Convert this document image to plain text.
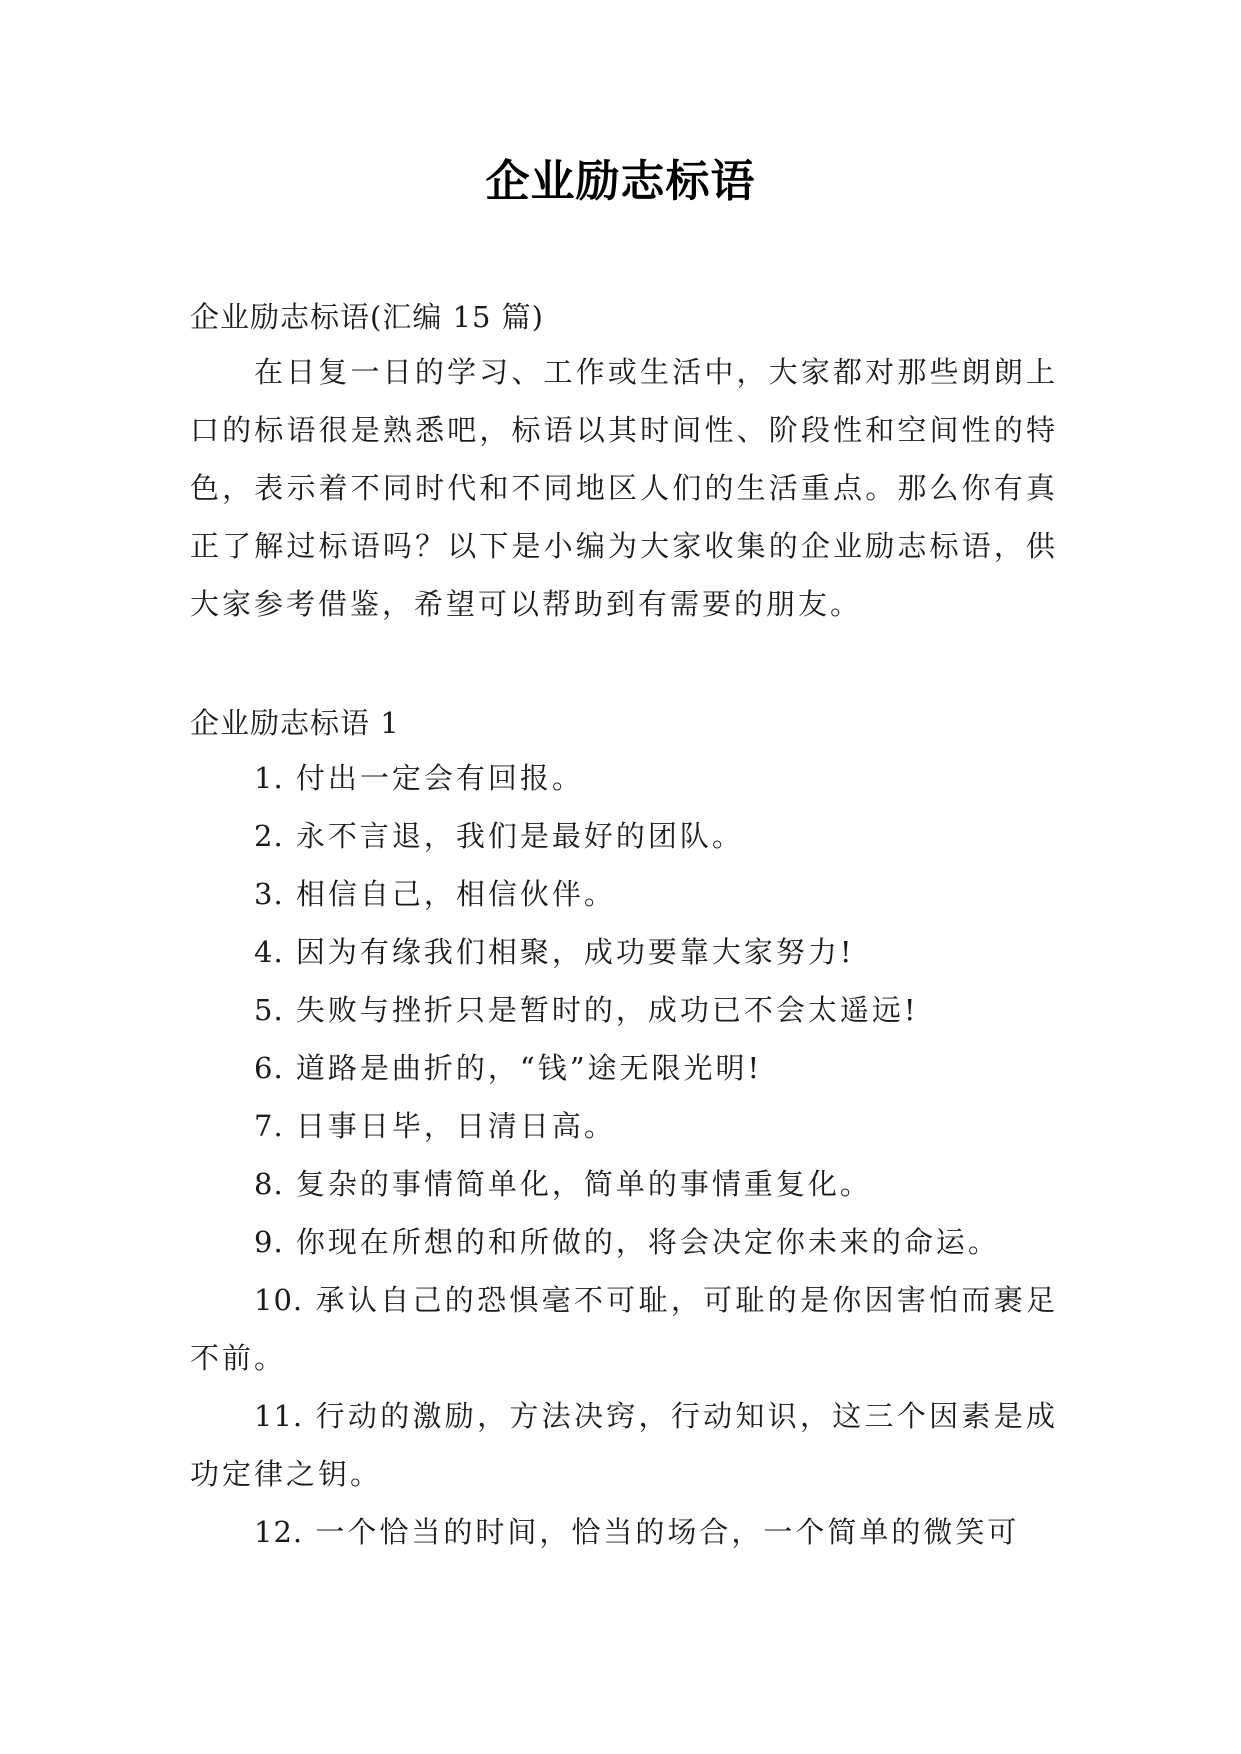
企业励志标语
企业励志标语(汇编 15 篇)
在日复一日的学习、工作或生活中，大家都对那些朗朗上口的标语很是熟悉吧，标语以其时间性、阶段性和空间性的特色，表示着不同时代和不同地区人们的生活重点。那么你有真正了解过标语吗？以下是小编为大家收集的企业励志标语，供大家参考借鉴，希望可以帮助到有需要的朋友。
企业励志标语 1
1. 付出一定会有回报。
2. 永不言退，我们是最好的团队。
3. 相信自己，相信伙伴。
4. 因为有缘我们相聚，成功要靠大家努力!
5. 失败与挫折只是暂时的，成功已不会太遥远!
6. 道路是曲折的，“钱”途无限光明!
7. 日事日毕，日清日高。
8. 复杂的事情简单化，简单的事情重复化。
9. 你现在所想的和所做的，将会决定你未来的命运。
10. 承认自己的恐惧毫不可耻，可耻的是你因害怕而裹足不前。
11. 行动的激励，方法决窍，行动知识，这三个因素是成功定律之钥。
12. 一个恰当的时间，恰当的场合，一个简单的微笑可
